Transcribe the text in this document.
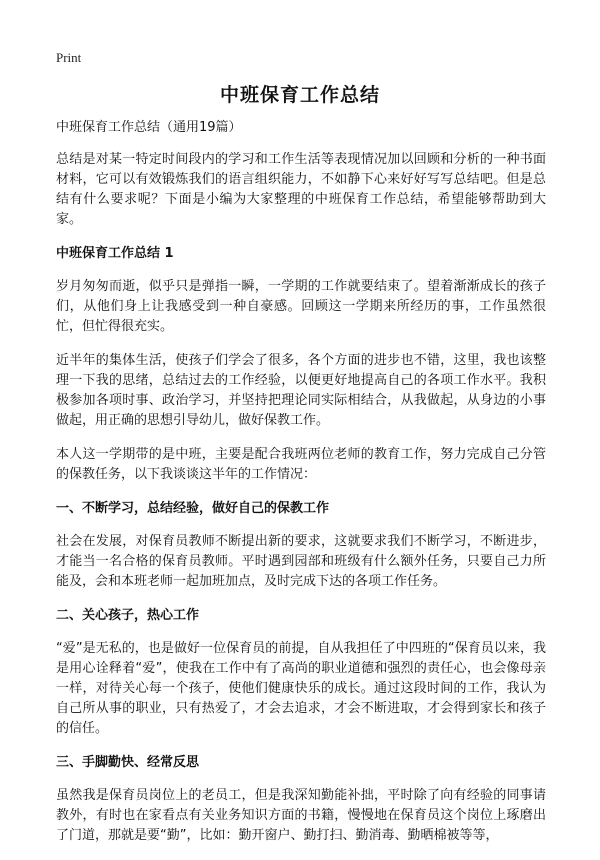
Print
中班保育工作总结
中班保育工作总结（通用19篇）

总结是对某一特定时间段内的学习和工作生活等表现情况加以回顾和分析的一种书面材料，它可以有效锻炼我们的语言组织能力，不如静下心来好好写写总结吧。但是总结有什么要求呢？下面是小编为大家整理的中班保育工作总结，希望能够帮助到大家。

中班保育工作总结 1

岁月匆匆而逝，似乎只是弹指一瞬，一学期的工作就要结束了。望着渐渐成长的孩子们，从他们身上让我感受到一种自豪感。回顾这一学期来所经历的事，工作虽然很忙，但忙得很充实。

近半年的集体生活，使孩子们学会了很多，各个方面的进步也不错，这里，我也该整理一下我的思绪，总结过去的工作经验，以便更好地提高自己的各项工作水平。我积极参加各项时事、政治学习，并坚持把理论同实际相结合，从我做起，从身边的小事做起，用正确的思想引导幼儿，做好保教工作。

本人这一学期带的是中班，主要是配合我班两位老师的教育工作，努力完成自己分管的保教任务，以下我谈谈这半年的工作情况：

一、不断学习，总结经验，做好自己的保教工作

社会在发展，对保育员教师不断提出新的要求，这就要求我们不断学习，不断进步，才能当一名合格的保育员教师。平时遇到园部和班级有什么额外任务，只要自己力所能及，会和本班老师一起加班加点，及时完成下达的各项工作任务。

二、关心孩子，热心工作

“爱”是无私的，也是做好一位保育员的前提，自从我担任了中四班的“保育员以来，我是用心诠释着“爱”，使我在工作中有了高尚的职业道德和强烈的责任心，也会像母亲一样，对待关心每一个孩子，使他们健康快乐的成长。通过这段时间的工作，我认为自己所从事的职业，只有热爱了，才会去追求，才会不断进取，才会得到家长和孩子的信任。

三、手脚勤快、经常反思

虽然我是保育员岗位上的老员工，但是我深知勤能补拙，平时除了向有经验的同事请教外，有时也在家看点有关业务知识方面的书籍，慢慢地在保育员这个岗位上琢磨出了门道，那就是要“勤”，比如：勤开窗户、勤打扫、勤消毒、勤晒棉被等等，
